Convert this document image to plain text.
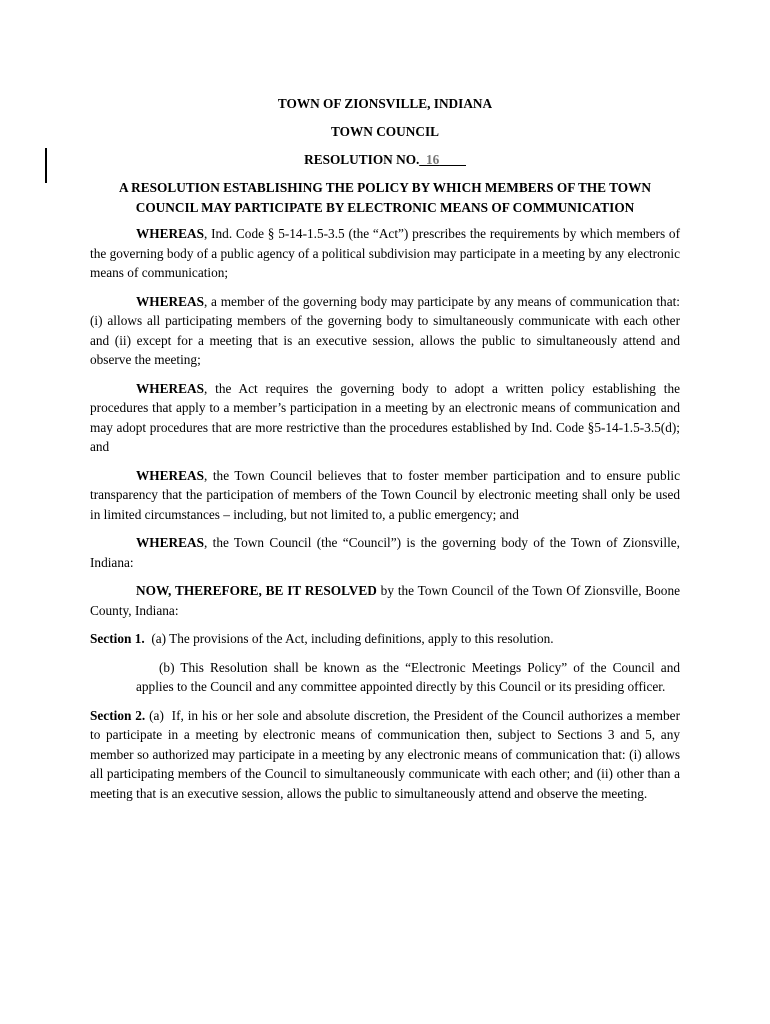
TOWN OF ZIONSVILLE, INDIANA
TOWN COUNCIL
RESOLUTION NO._16____
A RESOLUTION ESTABLISHING THE POLICY BY WHICH MEMBERS OF THE TOWN COUNCIL MAY PARTICIPATE BY ELECTRONIC MEANS OF COMMUNICATION

WHEREAS, Ind. Code § 5-14-1.5-3.5 (the “Act”) prescribes the requirements by which members of the governing body of a public agency of a political subdivision may participate in a meeting by any electronic means of communication;

WHEREAS, a member of the governing body may participate by any means of communication that: (i) allows all participating members of the governing body to simultaneously communicate with each other and (ii) except for a meeting that is an executive session, allows the public to simultaneously attend and observe the meeting;

WHEREAS, the Act requires the governing body to adopt a written policy establishing the procedures that apply to a member’s participation in a meeting by an electronic means of communication and may adopt procedures that are more restrictive than the procedures established by Ind. Code §5-14-1.5-3.5(d); and

WHEREAS, the Town Council believes that to foster member participation and to ensure public transparency that the participation of members of the Town Council by electronic meeting shall only be used in limited circumstances – including, but not limited to, a public emergency; and

WHEREAS, the Town Council (the “Council”) is the governing body of the Town of Zionsville, Indiana:

NOW, THEREFORE, BE IT RESOLVED by the Town Council of the Town Of Zionsville, Boone County, Indiana:

Section 1.  (a) The provisions of the Act, including definitions, apply to this resolution.

(b) This Resolution shall be known as the “Electronic Meetings Policy” of the Council and applies to the Council and any committee appointed directly by this Council or its presiding officer.

Section 2. (a)  If, in his or her sole and absolute discretion, the President of the Council authorizes a member to participate in a meeting by electronic means of communication then, subject to Sections 3 and 5, any member so authorized may participate in a meeting by any electronic means of communication that: (i) allows all participating members of the Council to simultaneously communicate with each other; and (ii) other than a meeting that is an executive session, allows the public to simultaneously attend and observe the meeting.
